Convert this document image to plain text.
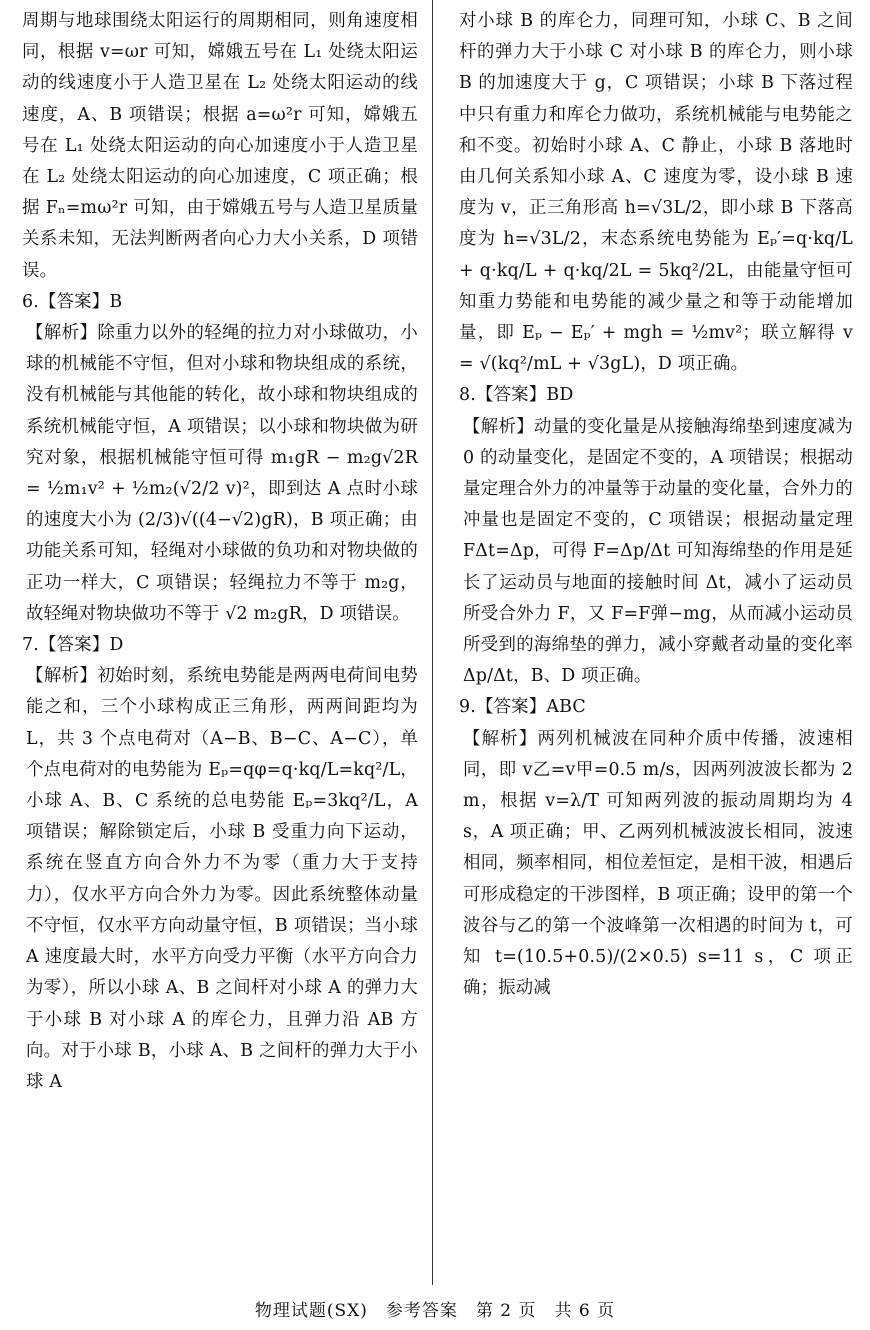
周期与地球围绕太阳运行的周期相同，则角速度相同，根据 v=ωr 可知，嫦娥五号在 L₁ 处绕太阳运动的线速度小于人造卫星在 L₂ 处绕太阳运动的线速度，A、B 项错误；根据 a=ω²r 可知，嫦娥五号在 L₁ 处绕太阳运动的向心加速度小于人造卫星在 L₂ 处绕太阳运动的向心加速度，C 项正确；根据 Fₙ=mω²r 可知，由于嫦娥五号与人造卫星质量关系未知，无法判断两者向心力大小关系，D 项错误。

6.【答案】B

【解析】除重力以外的轻绳的拉力对小球做功，小球的机械能不守恒，但对小球和物块组成的系统，没有机械能与其他能的转化，故小球和物块组成的系统机械能守恒，A 项错误；以小球和物块做为研究对象，根据机械能守恒可得 m₁gR − m₂g√2R = ½m₁v² + ½m₂(√2/2 v)²，即到达 A 点时小球的速度大小为 (2/3)√((4−√2)gR)，B 项正确；由功能关系可知，轻绳对小球做的负功和对物块做的正功一样大，C 项错误；轻绳拉力不等于 m₂g，故轻绳对物块做功不等于 √2 m₂gR，D 项错误。

7.【答案】D

【解析】初始时刻，系统电势能是两两电荷间电势能之和，三个小球构成正三角形，两两间距均为 L，共 3 个点电荷对（A−B、B−C、A−C），单个点电荷对的电势能为 Eₚ=qφ=q·kq/L=kq²/L，小球 A、B、C 系统的总电势能 Eₚ=3kq²/L，A 项错误；解除锁定后，小球 B 受重力向下运动，系统在竖直方向合外力不为零（重力大于支持力），仅水平方向合外力为零。因此系统整体动量不守恒，仅水平方向动量守恒，B 项错误；当小球 A 速度最大时，水平方向受力平衡（水平方向合力为零），所以小球 A、B 之间杆对小球 A 的弹力大于小球 B 对小球 A 的库仑力，且弹力沿 AB 方向。对于小球 B，小球 A、B 之间杆的弹力大于小球 A

对小球 B 的库仑力，同理可知，小球 C、B 之间杆的弹力大于小球 C 对小球 B 的库仑力，则小球 B 的加速度大于 g，C 项错误；小球 B 下落过程中只有重力和库仑力做功，系统机械能与电势能之和不变。初始时小球 A、C 静止，小球 B 落地时由几何关系知小球 A、C 速度为零，设小球 B 速度为 v，正三角形高 h=√3L/2，即小球 B 下落高度为 h=√3L/2，末态系统电势能为 Eₚ′=q·kq/L + q·kq/L + q·kq/2L = 5kq²/2L，由能量守恒可知重力势能和电势能的减少量之和等于动能增加量，即 Eₚ − Eₚ′ + mgh = ½mv²；联立解得 v = √(kq²/mL + √3gL)，D 项正确。

8.【答案】BD

【解析】动量的变化量是从接触海绵垫到速度减为 0 的动量变化，是固定不变的，A 项错误；根据动量定理合外力的冲量等于动量的变化量，合外力的冲量也是固定不变的，C 项错误；根据动量定理 FΔt=Δp，可得 F=Δp/Δt 可知海绵垫的作用是延长了运动员与地面的接触时间 Δt，减小了运动员所受合外力 F，又 F=F弹−mg，从而减小运动员所受到的海绵垫的弹力，减小穿戴者动量的变化率 Δp/Δt，B、D 项正确。

9.【答案】ABC

【解析】两列机械波在同种介质中传播，波速相同，即 v乙=v甲=0.5 m/s，因两列波波长都为 2 m，根据 v=λ/T 可知两列波的振动周期均为 4 s，A 项正确；甲、乙两列机械波波长相同，波速相同，频率相同，相位差恒定，是相干波，相遇后可形成稳定的干涉图样，B 项正确；设甲的第一个波谷与乙的第一个波峰第一次相遇的时间为 t，可知 t=(10.5+0.5)/(2×0.5) s=11 s，C 项正确；振动减

物理试题(SX)　参考答案　第 2 页　共 6 页
